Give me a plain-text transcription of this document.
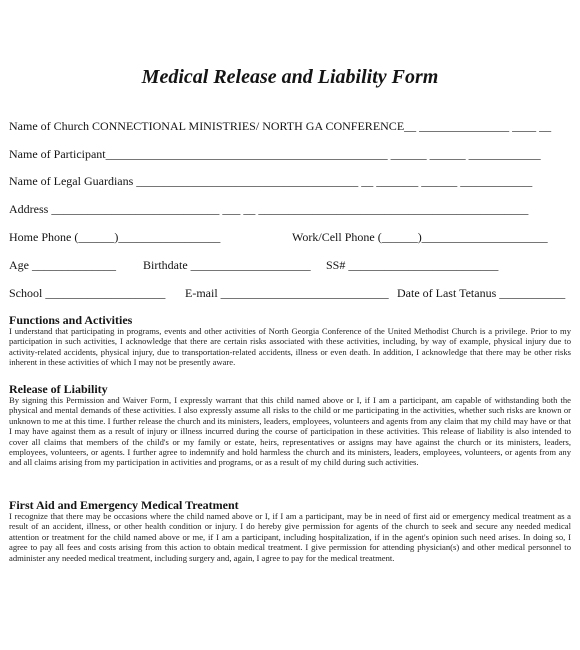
Medical Release and Liability Form
Name of Church CONNECTIONAL MINISTRIES/ NORTH GA CONFERENCE__ _______________ ____ __
Name of Participant_______________________________________________ ______ ______ ____________
Name of Legal Guardians _____________________________________ __ _______ ______ ____________
Address ____________________________ ___ __ _____________________________________________
Home Phone (______)_________________	Work/Cell Phone (______)_____________________
Age ______________ Birthdate ____________________ SS# _________________________
School ____________________ E-mail ____________________________ Date of Last Tetanus ___________
Functions and Activities
I understand that participating in programs, events and other activities of North Georgia Conference of the United Methodist Church is a privilege. Prior to my participation in such activities, I acknowledge that there are certain risks associated with these activities, including, by way of example, physical injury due to activity-related accidents, physical injury, due to transportation-related accidents, illness or even death. In addition, I acknowledge that there may be other risks inherent in these activities of which I may not be presently aware.
Release of Liability
By signing this Permission and Waiver Form, I expressly warrant that this child named above or I, if I am a participant, am capable of withstanding both the physical and mental demands of these activities. I also expressly assume all risks to the child or me participating in the activities, whether such risks are known or unknown to me at this time. I further release the church and its ministers, leaders, employees, volunteers and agents from any claim that my child may have or that I may have against them as a result of injury or illness incurred during the course of participation in these activities. This release of liability is also intended to cover all claims that members of the child's or my family or estate, heirs, representatives or assigns may have against the church or its ministers, leaders, employees, volunteers, or agents. I further agree to indemnify and hold harmless the church and its ministers, leaders, employees, volunteers, or agents from any and all claims arising from my participation in activities and programs, or as a result of my child during such activities.
First Aid and Emergency Medical Treatment
I recognize that there may be occasions where the child named above or I, if I am a participant, may be in need of first aid or emergency medical treatment as a result of an accident, illness, or other health condition or injury. I do hereby give permission for agents of the church to seek and secure any needed medical attention or treatment for the child named above or me, if I am a participant, including hospitalization, if in the agent's opinion such need arises. In doing so, I agree to pay all fees and costs arising from this action to obtain medical treatment. I give permission for attending physician(s) and other medical personnel to administer any needed medical treatment, including surgery and, again, I agree to pay for the medical treatment.
